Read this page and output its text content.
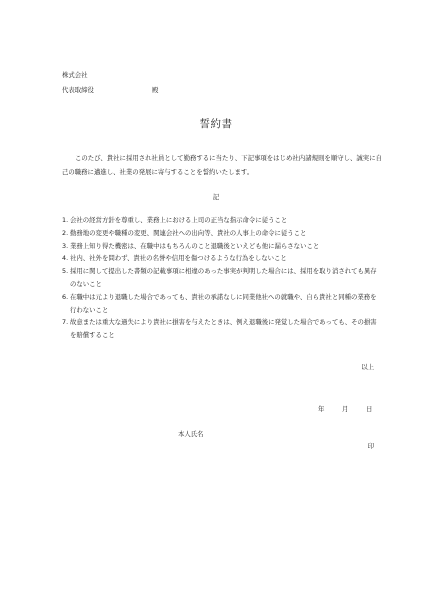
株式会社
代表取締役	殿
誓約書
このたび、貴社に採用され社員として勤務するに当たり、下記事項をはじめ社内諸規則を順守し、誠実に自己の職務に邁進し、社業の発展に寄与することを誓約いたします。
記
1. 会社の経営方針を尊重し、業務上における上司の正当な指示命令に従うこと
2. 勤務地の変更や職種の変更、関連会社への出向等、貴社の人事上の命令に従うこと
3. 業務上知り得た機密は、在職中はもちろんのこと退職後といえども他に漏らさないこと
4. 社内、社外を問わず、貴社の名誉や信用を傷つけるような行為をしないこと
5. 採用に関して提出した書類の記載事項に相違のあった事実が判明した場合には、採用を取り消されても異存のないこと
6. 在職中は元より退職した場合であっても、貴社の承諾なしに同業他社への就職や、自ら貴社と同種の業務を行わないこと
7. 故意または重大な過失により貴社に損害を与えたときは、例え退職後に発覚した場合であっても、その損害を賠償すること
以上
年	月	日
本人氏名
印
